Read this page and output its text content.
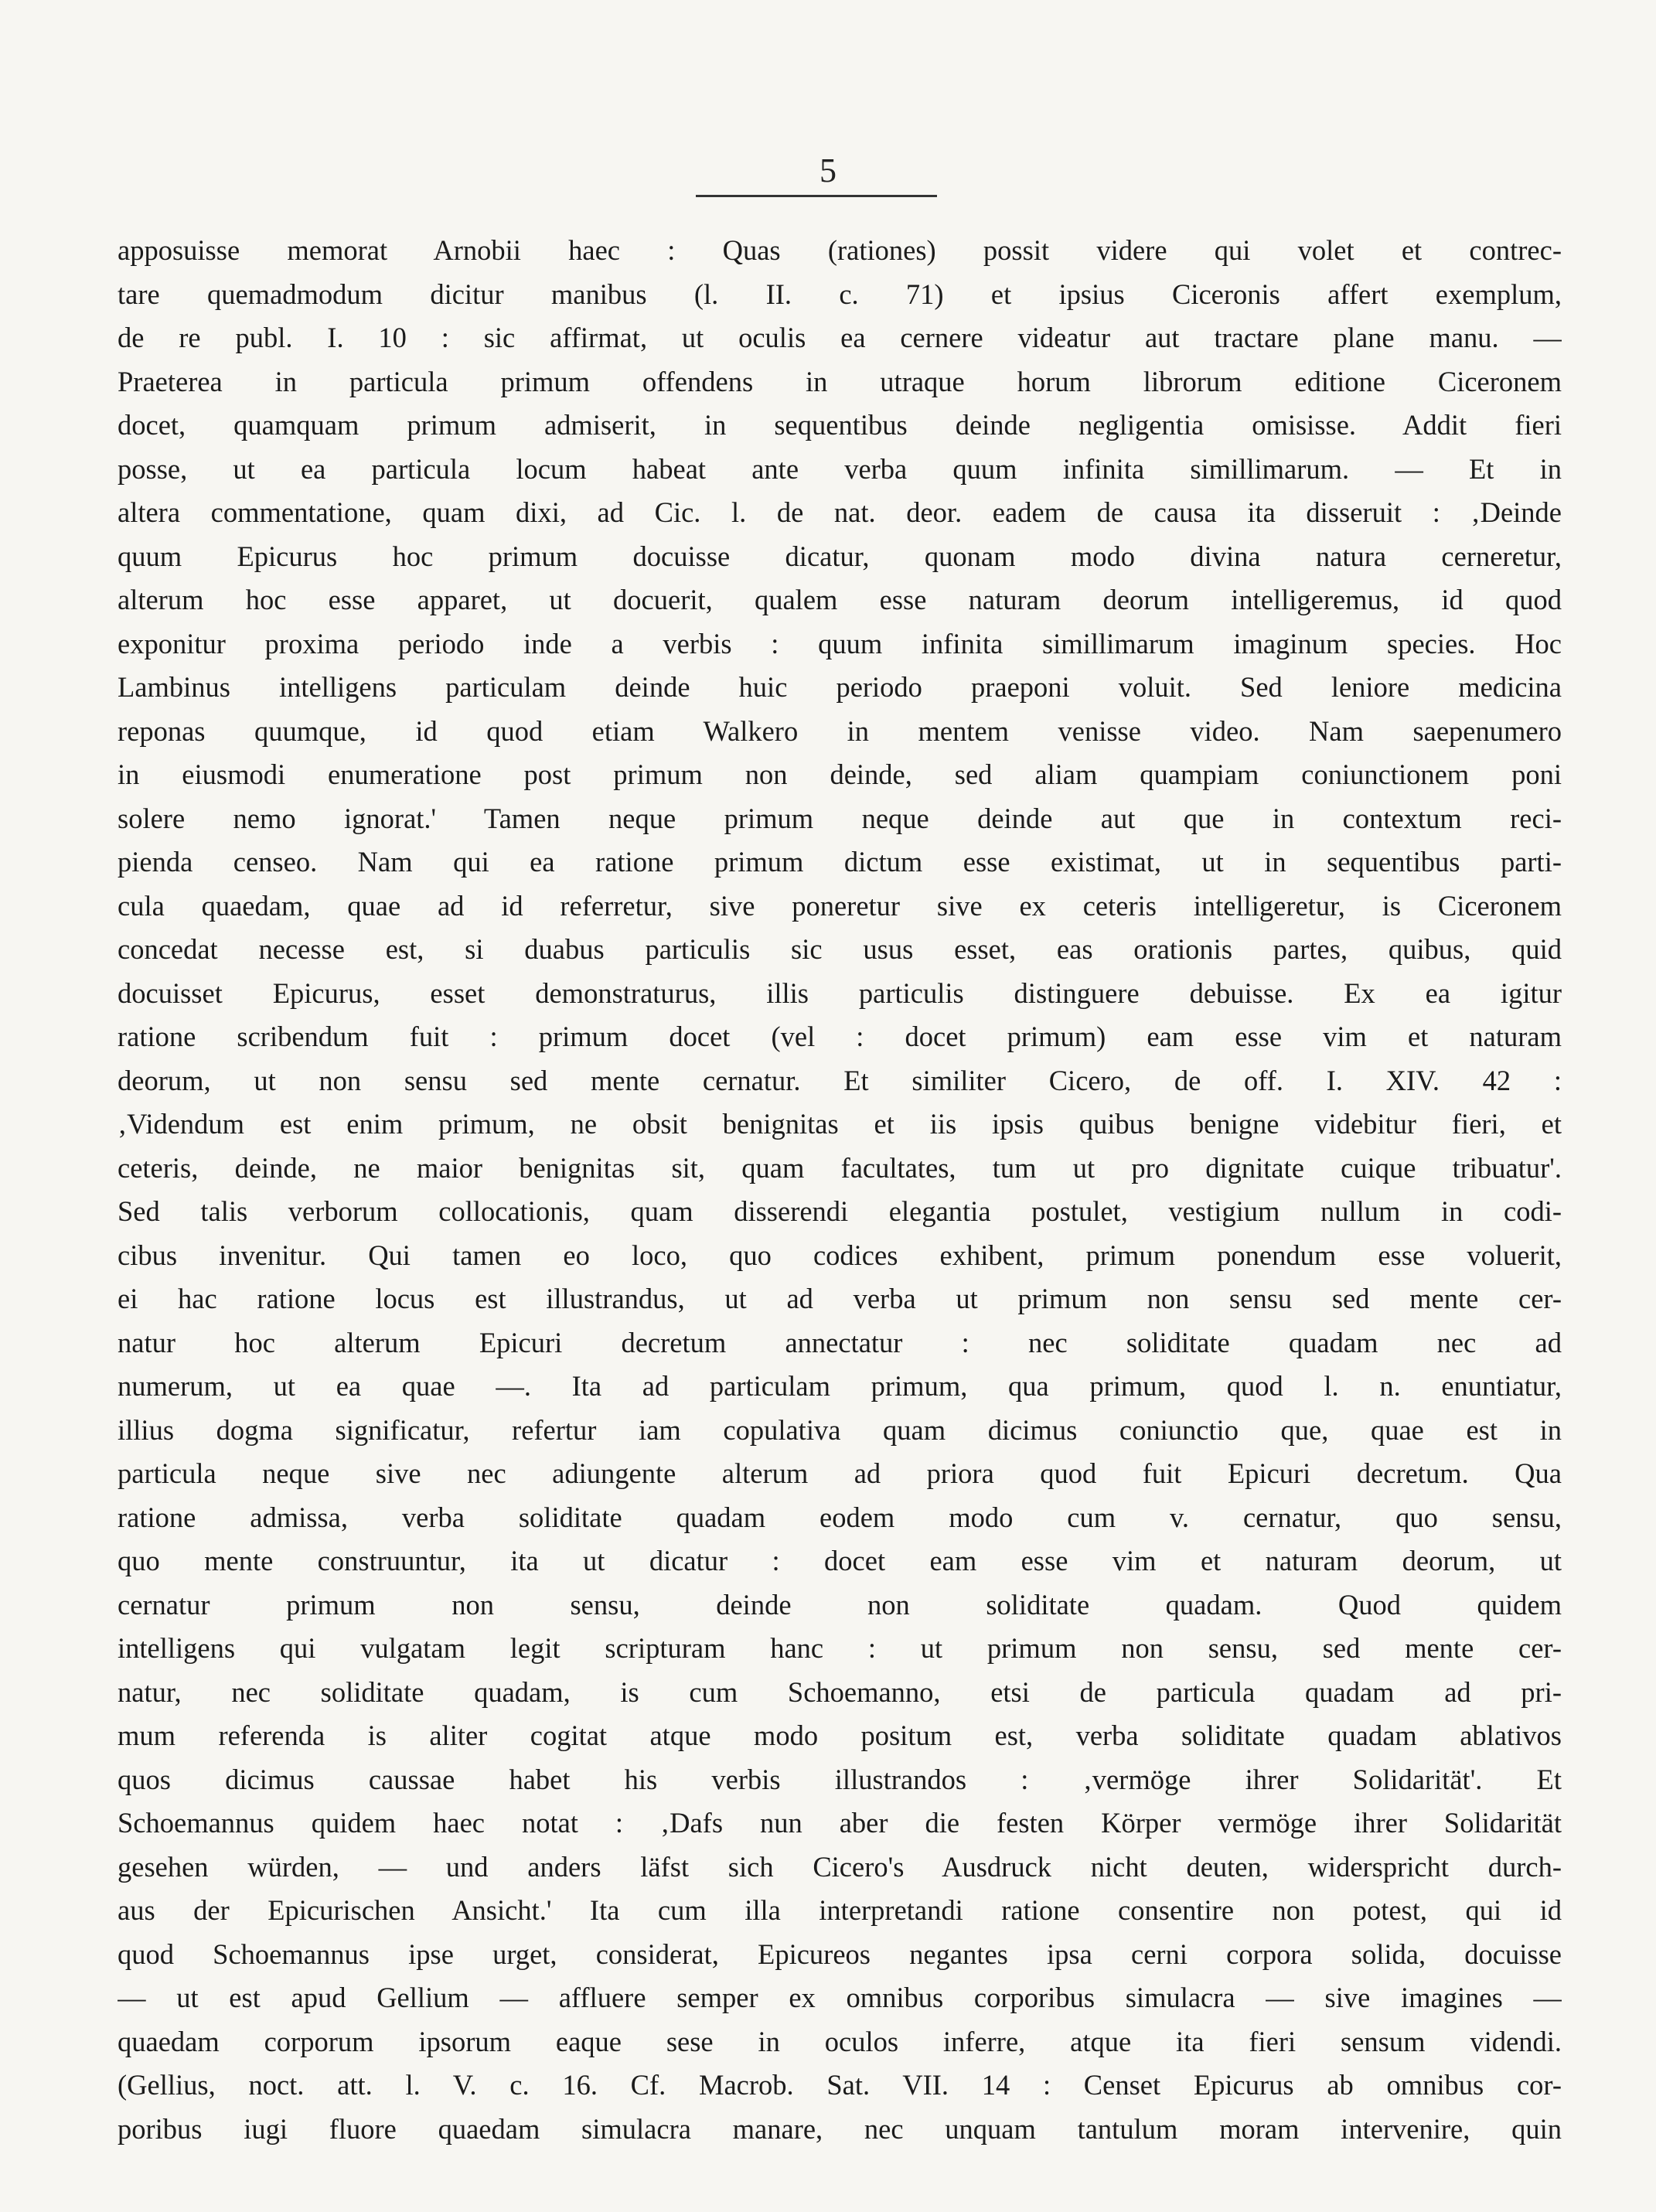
5
apposuisse memorat Arnobii haec : Quas (rationes) possit videre qui volet et contrec-
tare quemadmodum dicitur manibus (l. II. c. 71) et ipsius Ciceronis affert exemplum,
de re publ. I. 10 : sic affirmat, ut oculis ea cernere videatur aut tractare plane manu. —
Praeterea in particula primum offendens in utraque horum librorum editione Ciceronem
docet, quamquam primum admiserit, in sequentibus deinde negligentia omisisse. Addit fieri
posse, ut ea particula locum habeat ante verba quum infinita simillimarum. — Et in
altera commentatione, quam dixi, ad Cic. l. de nat. deor. eadem de causa ita disseruit : ‚Deinde
quum Epicurus hoc primum docuisse dicatur, quonam modo divina natura cerneretur,
alterum hoc esse apparet, ut docuerit, qualem esse naturam deorum intelligeremus, id quod
exponitur proxima periodo inde a verbis : quum infinita simillimarum imaginum species. Hoc
Lambinus intelligens particulam deinde huic periodo praeponi voluit. Sed leniore medicina
reponas quumque, id quod etiam Walkero in mentem venisse video. Nam saepenumero
in eiusmodi enumeratione post primum non deinde, sed aliam quampiam coniunctionem poni
solere nemo ignorat.' Tamen neque primum neque deinde aut que in contextum reci-
pienda censeo. Nam qui ea ratione primum dictum esse existimat, ut in sequentibus parti-
cula quaedam, quae ad id referretur, sive poneretur sive ex ceteris intelligeretur, is Ciceronem
concedat necesse est, si duabus particulis sic usus esset, eas orationis partes, quibus, quid
docuisset Epicurus, esset demonstraturus, illis particulis distinguere debuisse. Ex ea igitur
ratione scribendum fuit : primum docet (vel : docet primum) eam esse vim et naturam
deorum, ut non sensu sed mente cernatur. Et similiter Cicero, de off. I. XIV. 42 :
‚Videndum est enim primum, ne obsit benignitas et iis ipsis quibus benigne videbitur fieri, et
ceteris, deinde, ne maior benignitas sit, quam facultates, tum ut pro dignitate cuique tribuatur'.
Sed talis verborum collocationis, quam disserendi elegantia postulet, vestigium nullum in codi-
cibus invenitur. Qui tamen eo loco, quo codices exhibent, primum ponendum esse voluerit,
ei hac ratione locus est illustrandus, ut ad verba ut primum non sensu sed mente cer-
natur hoc alterum Epicuri decretum annectatur : nec soliditate quadam nec ad
numerum, ut ea quae —. Ita ad particulam primum, qua primum, quod l. n. enuntiatur,
illius dogma significatur, refertur iam copulativa quam dicimus coniunctio que, quae est in
particula neque sive nec adiungente alterum ad priora quod fuit Epicuri decretum. Qua
ratione admissa, verba soliditate quadam eodem modo cum v. cernatur, quo sensu,
quo mente construuntur, ita ut dicatur : docet eam esse vim et naturam deorum, ut
cernatur primum non sensu, deinde non soliditate quadam. Quod quidem
intelligens qui vulgatam legit scripturam hanc : ut primum non sensu, sed mente cer-
natur, nec soliditate quadam, is cum Schoemanno, etsi de particula quadam ad pri-
mum referenda is aliter cogitat atque modo positum est, verba soliditate quadam ablativos
quos dicimus caussae habet his verbis illustrandos : ‚vermöge ihrer Solidarität'. Et
Schoemannus quidem haec notat : ‚Dafs nun aber die festen Körper vermöge ihrer Solidarität
gesehen würden, — und anders läfst sich Cicero's Ausdruck nicht deuten, widerspricht durch-
aus der Epicurischen Ansicht.' Ita cum illa interpretandi ratione consentire non potest, qui id
quod Schoemannus ipse urget, considerat, Epicureos negantes ipsa cerni corpora solida, docuisse
— ut est apud Gellium — affluere semper ex omnibus corporibus simulacra — sive imagines —
quaedam corporum ipsorum eaque sese in oculos inferre, atque ita fieri sensum videndi.
(Gellius, noct. att. l. V. c. 16. Cf. Macrob. Sat. VII. 14 : Censet Epicurus ab omnibus cor-
poribus iugi fluore quaedam simulacra manare, nec unquam tantulum moram intervenire, quin
